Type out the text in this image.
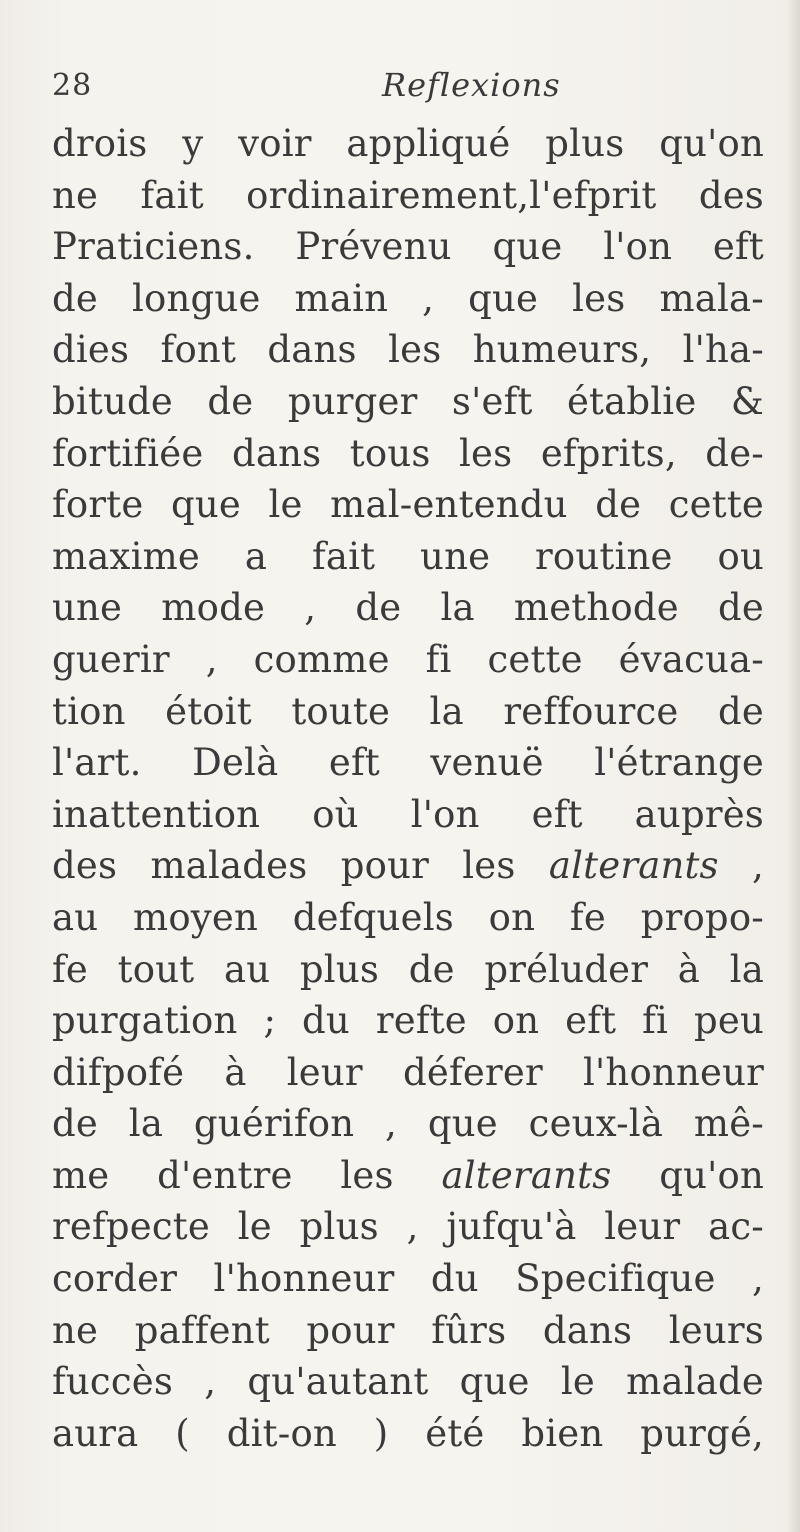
28	Reflexions
drois y voir appliqué plus qu'on
ne fait ordinairement,l'efprit des
Praticiens. Prévenu que l'on eft
de longue main , que les mala-
dies font dans les humeurs, l'ha-
bitude de purger s'eft établie &
fortifiée dans tous les efprits, de-
forte que le mal-entendu de cette
maxime a fait une routine ou
une mode , de la methode de
guerir , comme fi cette évacua-
tion étoit toute la reffource de
l'art. Delà eft venuë l'étrange
inattention où l'on eft auprès
des malades pour les alterants ,
au moyen defquels on fe propo-
fe tout au plus de préluder à la
purgation ; du refte on eft fi peu
difpofé à leur déferer l'honneur
de la guérifon , que ceux-là mê-
me d'entre les alterants qu'on
refpecte le plus , jufqu'à leur ac-
corder l'honneur du Specifique ,
ne paffent pour fûrs dans leurs
fuccès , qu'autant que le malade
aura ( dit-on ) été bien purgé,
